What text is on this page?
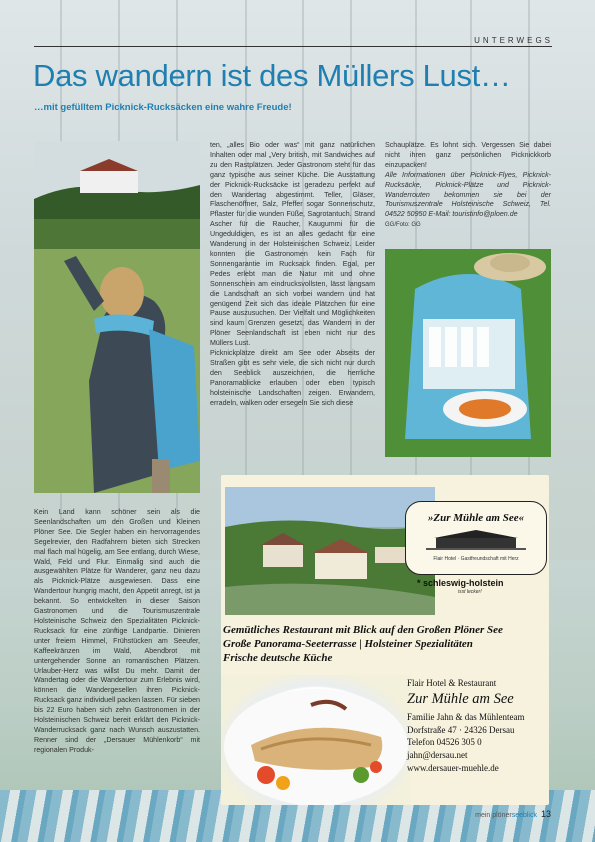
UNTERWEGS
Das wandern ist des Müllers Lust…
…mit gefülltem Picknick-Rucksäcken eine wahre Freude!

ten, „alles Bio oder was“ mit ganz natürlichen Inhalten oder mal „Very british, mit Sandwiches auf zu den Rastplätzen. Jeder Gastronom steht für das ganz typische aus seiner Küche. Die Ausstattung der Picknick-Rucksäcke ist geradezu perfekt auf den Wandertag abgestimmt. Teller, Gläser, Flaschenöffner, Salz, Pfeffer sogar Sonnenschutz, Pflaster für die wunden Füße, Sagrotantuch. Strand Ascher für die Raucher, Kaugummi für die Ungeduldigen, es ist an alles gedacht für eine Wanderung in der Holsteinischen Schweiz. Leider konnten die Gastronomen kein Fach für Sonnengarantie im Rucksack finden. Egal, per Pedes erlebt man die Natur mit und ohne Sonnenschein am eindrucksvollsten, lässt langsam die Landschaft an sich vorbei wandern und hat genügend Zeit sich das ideale Plätzchen für eine Pause auszusuchen. Der Vielfalt und Möglichkeiten sind kaum Grenzen gesetzt, das Wandern in der Plöner Seenlandschaft ist eben nicht nur des Müllers Lust.

Picknickplätze direkt am See oder Abseits der Straßen gibt es sehr viele, die sich nicht nur durch den Seeblick auszeichnen, die herrliche Panoramablicke erlauben oder eben typisch holsteinische Landschaften zeigen. Erwandern, erradeln, walken oder ersegeln Sie sich diese

Schauplätze. Es lohnt sich. Vergessen Sie dabei nicht ihren ganz persönlichen Picknickkorb einzupacken!

Alle Informationen über Picknick-Flyes, Picknick-Rucksäcke, Picknick-Plätze und Picknick-Wanderrouten bekommen sie bei der Tourismuszentrale Holsteinische Schweiz, Tel. 04522 50950 E-Mail: touristinfo@ploen.de

GG/Foto: GG

Kein Land kann schöner sein als die Seenlandschaften um den Großen und Kleinen Plöner See. Die Segler haben ein hervorragendes Segelrevier, den Radfahrern bieten sich Strecken mal flach mal hügelig, am See entlang, durch Wiese, Wald, Feld und Flur. Einmalig sind auch die ausgewählten Plätze für Wanderer, ganz neu dazu als Picknick-Plätze ausgewiesen. Dass eine Wandertour hungrig macht, den Appetit anregt, ist ja bekannt. So entwickelten in dieser Saison Gastronomen und die Tourismuszentrale Holsteinische Schweiz den Spezialitäten Picknick-Rucksack für eine zünftige Landpartie. Dinieren unter freiem Himmel, Frühstücken am Seeufer, Kaffeekränzen im Wald, Abendbrot mit untergehender Sonne an romantischen Plätzen. Urlauber-Herz was willst Du mehr. Damit der Wandertag oder die Wandertour zum Erlebnis wird, können die Wandergesellen ihren Picknick-Rucksack ganz individuell packen lassen. Für sieben bis 22 Euro haben sich zehn Gastronomen in der Holsteinischen Schweiz bereit erklärt den Picknick-Wanderrucksack ganz nach Wunsch auszustatten. Renner sind der „Dersauer Mühlenkorb“ mit regionalen Produk-

»Zur Mühle am See«
Flair Hotel · Gastfreundschaft mit Herz
* schleswig-holstein
isst lecker!
Gemütliches Restaurant mit Blick auf den Großen Plöner See
Große Panorama-Seeterrasse | Holsteiner Spezialitäten
Frische deutsche Küche
Flair Hotel & Restaurant
Zur Mühle am See
Familie Jahn & das Mühlenteam
Dorfstraße 47 · 24326 Dersau
Telefon 04526 305 0
jahn@dersau.net
www.dersauer-muehle.de
mein plönerseeblick 13
